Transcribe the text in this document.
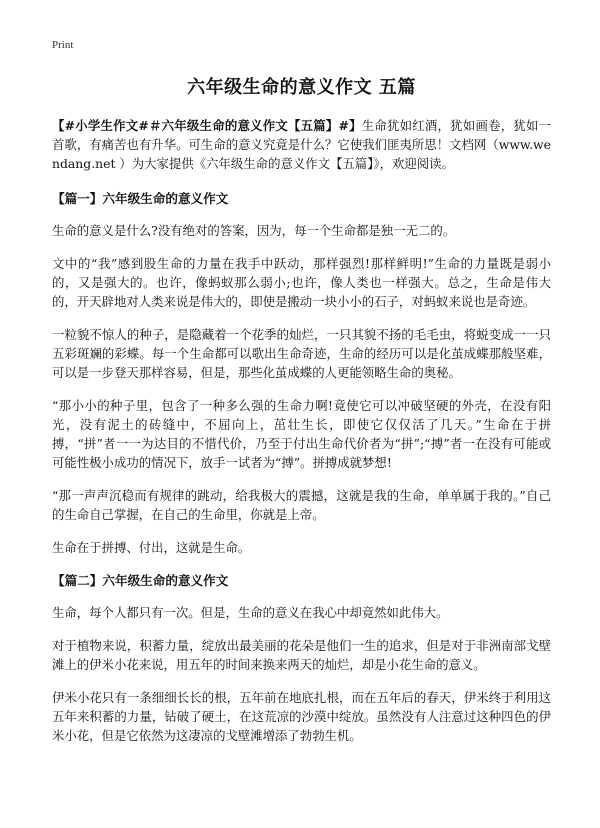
Print
六年级生命的意义作文 五篇

【#小学生作文#＃六年级生命的意义作文【五篇】#】生命犹如红酒，犹如画卷，犹如一首歌，有痛苦也有升华。可生命的意义究竟是什么？它使我们匪夷所思！文档网（www.wendang.net ）为大家提供《六年级生命的意义作文【五篇】》，欢迎阅读。

【篇一】六年级生命的意义作文

生命的意义是什么?没有绝对的答案，因为，每一个生命都是独一无二的。

文中的“我”感到股生命的力量在我手中跃动，那样强烈!那样鲜明!”生命的力量既是弱小的，又是强大的。也许，像蚂蚁那么弱小;也许，像人类也一样强大。总之，生命是伟大的，开天辟地对人类来说是伟大的，即使是搬动一块小小的石子，对蚂蚁来说也是奇迹。

一粒貌不惊人的种子，是隐藏着一个花季的灿烂，一只其貌不扬的毛毛虫，将蜕变成一一只五彩斑斓的彩蝶。每一个生命都可以歌出生命奇迹，生命的经历可以是化茧成蝶那般坚难，可以是一步登天那样容易，但是，那些化茧成蝶的人更能领略生命的奥秘。

“那小小的种子里，包含了一种多么强的生命力啊!竟使它可以冲破坚硬的外壳，在没有阳光，没有泥土的砖缝中，不屈向上，茁壮生长，即使它仅仅活了几天。”生命在于拼搏，“拼”者一一为达目的不惜代价，乃至于付出生命代价者为“拼”;“搏”者一在没有可能或可能性极小成功的情况下，放手一试者为“搏”。拼搏成就梦想!

“那一声声沉稳而有规律的跳动，给我极大的震撼，这就是我的生命，单单属于我的。”自己的生命自己掌握，在自己的生命里，你就是上帝。

生命在于拼搏、付出，这就是生命。

【篇二】六年级生命的意义作文

生命，每个人都只有一次。但是，生命的意义在我心中却竟然如此伟大。

对于植物来说，积蓄力量，绽放出最美丽的花朵是他们一生的追求，但是对于非洲南部戈壁滩上的伊米小花来说，用五年的时间来换来两天的灿烂，却是小花生命的意义。

伊米小花只有一条细细长长的根，五年前在地底扎根，而在五年后的春天，伊米终于利用这五年来积蓄的力量，钻破了硬土，在这荒凉的沙漠中绽放。虽然没有人注意过这种四色的伊米小花，但是它依然为这凄凉的戈壁滩增添了勃勃生机。
